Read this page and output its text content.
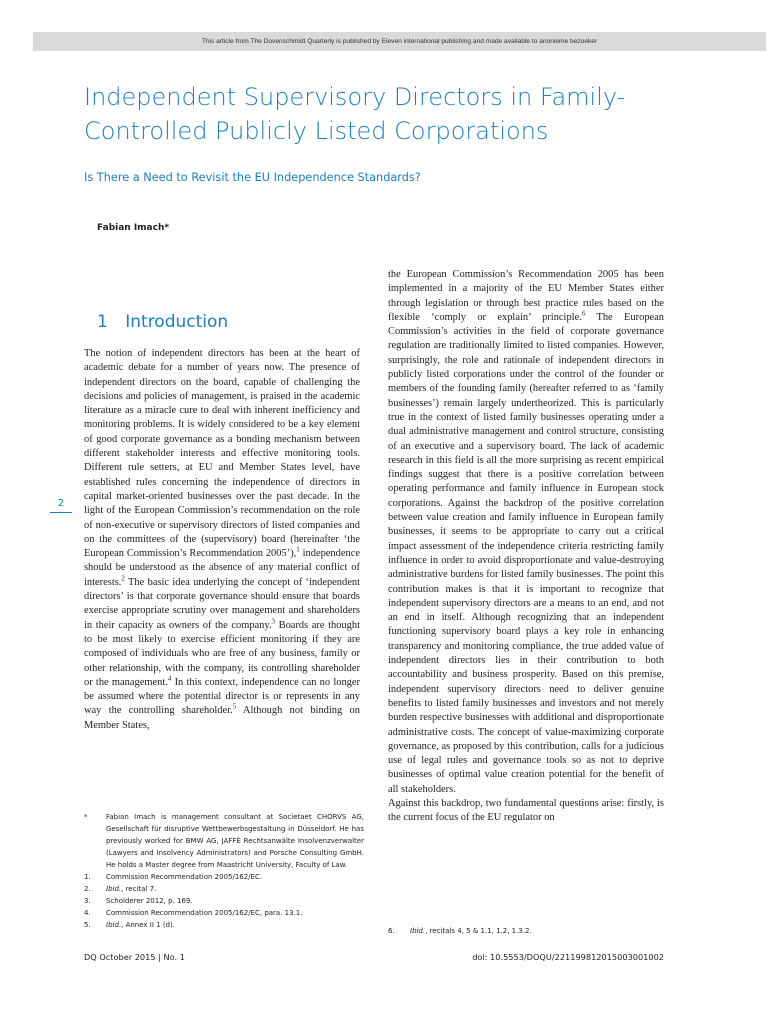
This article from The Dovenschmidt Quarterly is published by Eleven international publishing and made available to anonieme bezoeker
Independent Supervisory Directors in Family-Controlled Publicly Listed Corporations
Is There a Need to Revisit the EU Independence Standards?
Fabian Imach*
1 Introduction
2

The notion of independent directors has been at the heart of academic debate for a number of years now. The presence of independent directors on the board, capable of challenging the decisions and policies of management, is praised in the academic literature as a miracle cure to deal with inherent inefficiency and monitoring problems. It is widely considered to be a key element of good corporate governance as a bonding mechanism between different stakeholder interests and effective monitoring tools. Different rule setters, at EU and Member States level, have established rules concerning the independence of directors in capital market-oriented businesses over the past decade. In the light of the European Commission’s recommendation on the role of non-executive or supervisory directors of listed companies and on the committees of the (supervisory) board (hereinafter ‘the European Commission’s Recommendation 2005’),$^1$ independence should be understood as the absence of any material conflict of interests.$^2$ The basic idea underlying the concept of ‘independent directors’ is that corporate governance should ensure that boards exercise appropriate scrutiny over management and shareholders in their capacity as owners of the company.$^3$ Boards are thought to be most likely to exercise efficient monitoring if they are composed of individuals who are free of any business, family or other relationship, with the company, its controlling shareholder or the management.$^4$ In this context, independence can no longer be assumed where the potential director is or represents in any way the controlling shareholder.$^5$ Although not binding on Member States,

the European Commission’s Recommendation 2005 has been implemented in a majority of the EU Member States either through legislation or through best practice rules based on the flexible ‘comply or explain’ principle.$^6$ The European Commission’s activities in the field of corporate governance regulation are traditionally limited to listed companies. However, surprisingly, the role and rationale of independent directors in publicly listed corporations under the control of the founder or members of the founding family (hereafter referred to as ‘family businesses’) remain largely undertheorized. This is particularly true in the context of listed family businesses operating under a dual administrative management and control structure, consisting of an executive and a supervisory board. The lack of academic research in this field is all the more surprising as recent empirical findings suggest that there is a positive correlation between operating performance and family influence in European stock corporations. Against the backdrop of the positive correlation between value creation and family influence in European family businesses, it seems to be appropriate to carry out a critical impact assessment of the independence criteria restricting family influence in order to avoid disproportionate and value-destroying administrative burdens for listed family businesses. The point this contribution makes is that it is important to recognize that independent supervisory directors are a means to an end, and not an end in itself. Although recognizing that an independent functioning supervisory board plays a key role in enhancing transparency and monitoring compliance, the true added value of independent directors lies in their contribution to both accountability and business prosperity. Based on this premise, independent supervisory directors need to deliver genuine benefits to listed family businesses and investors and not merely burden respective businesses with additional and disproportionate administrative costs. The concept of value-maximizing corporate governance, as proposed by this contribution, calls for a judicious use of legal rules and governance tools so as not to deprive businesses of optimal value creation potential for the benefit of all stakeholders.

Against this backdrop, two fundamental questions arise: firstly, is the current focus of the EU regulator on

*	Fabian Imach is management consultant at Societaet CHORVS AG, Gesellschaft für disruptive Wettbewerbsgestaltung in Düsseldorf. He has previously worked for BMW AG, JAFFÉ Rechtsanwälte Insolvenzverwalter (Lawyers and Insolvency Administrators) and Porsche Consulting GmbH. He holds a Master degree from Maastricht University, Faculty of Law.
1.	Commission Recommendation 2005/162/EC.
2.	Ibid., recital 7.
3.	Scholderer 2012, p. 169.
4.	Commission Recommendation 2005/162/EC, para. 13.1.
5.	Ibid., Annex II 1 (d).
6.	Ibid., recitals 4, 5 & 1.1, 1.2, 1.3.2.
DQ October 2015 | No. 1	doi: 10.5553/DOQU/221199812015003001002
